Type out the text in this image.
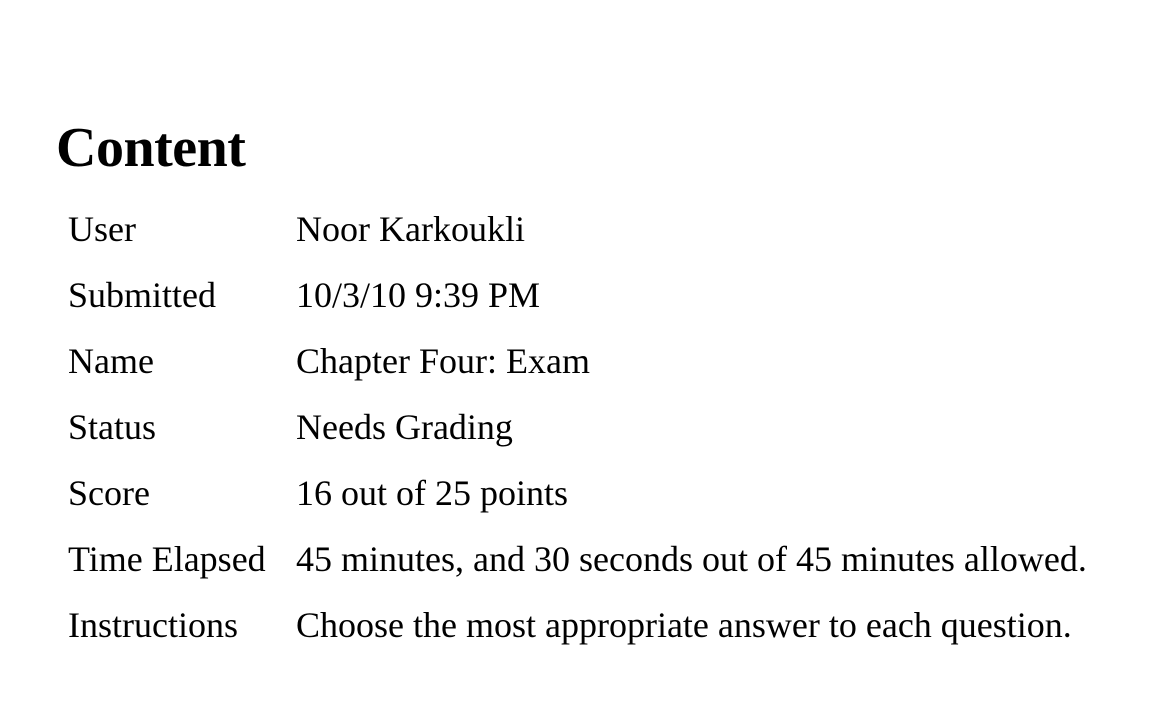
Content
User	Noor Karkoukli
Submitted	10/3/10 9:39 PM
Name	Chapter Four: Exam
Status	Needs Grading
Score	16 out of 25 points
Time Elapsed	45 minutes, and 30 seconds out of 45 minutes allowed.
Instructions	Choose the most appropriate answer to each question.
